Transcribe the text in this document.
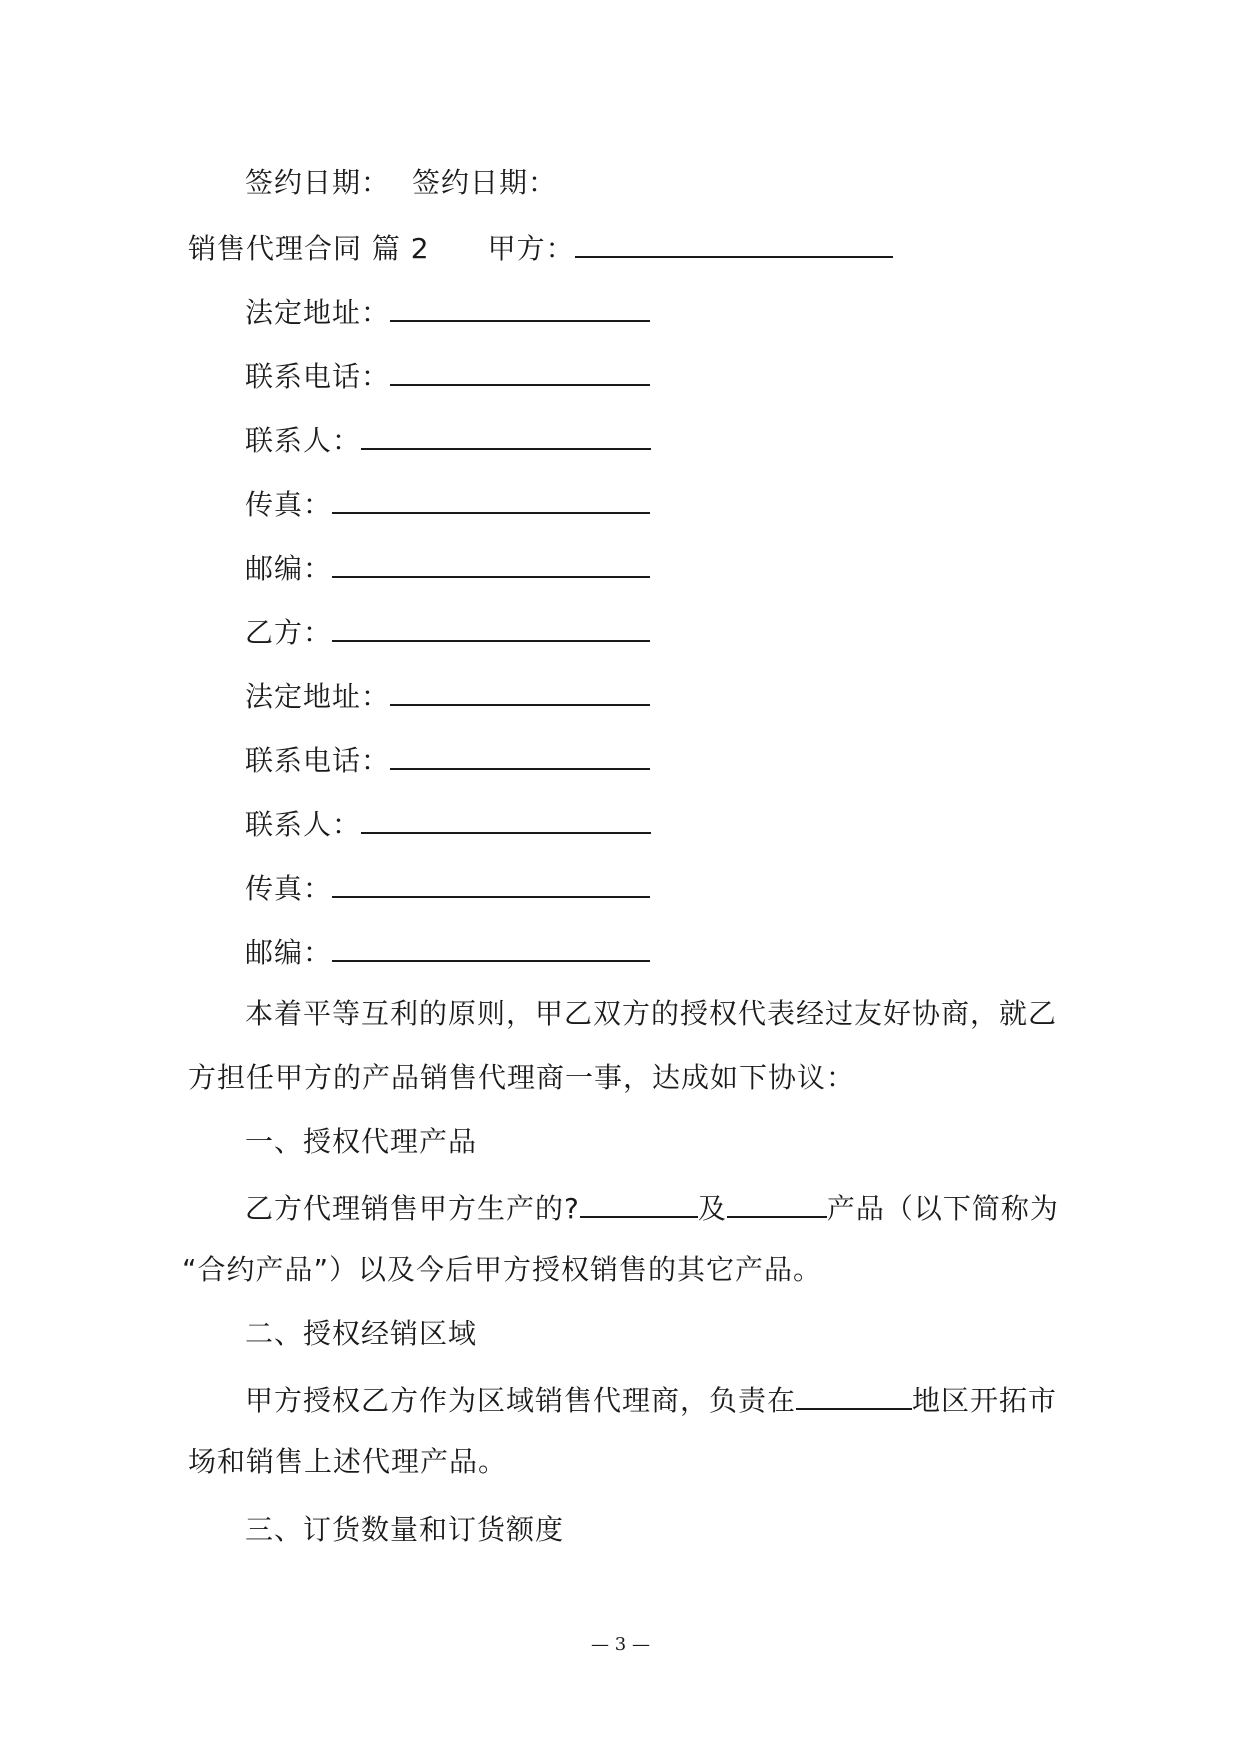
签约日期： 签约日期：
销售代理合同 篇 2 甲方：
法定地址：
联系电话：
联系人：
传真：
邮编：
乙方：
法定地址：
联系电话：
联系人：
传真：
邮编：
本着平等互利的原则，甲乙双方的授权代表经过友好协商，就乙
方担任甲方的产品销售代理商一事，达成如下协议：
一、授权代理产品
乙方代理销售甲方生产的?	及	产品（以下简称为
“合约产品”）以及今后甲方授权销售的其它产品。
二、授权经销区域
甲方授权乙方作为区域销售代理商，负责在	地区开拓市
场和销售上述代理产品。
三、订货数量和订货额度
— 3 —
